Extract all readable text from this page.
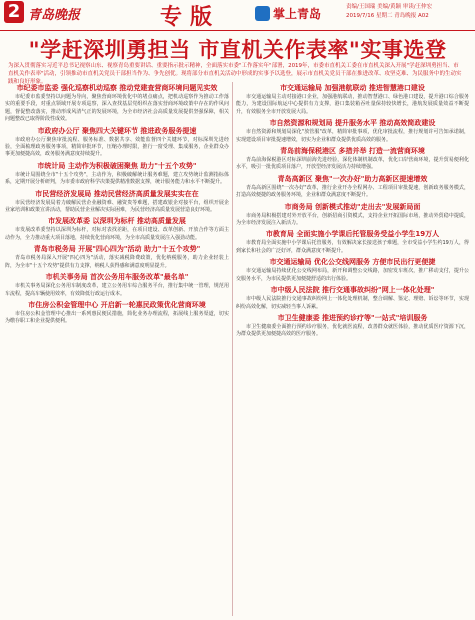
2 青岛晚报	专版	掌上青岛	责编/王国瑞 美编/黄颖 审读/王仲宏
2019/7/16 星期二 青岛晚报 A02
"学赶深圳勇担当 市直机关作表率"实事选登
为深入贯彻落实习近平总书记视察山东、视察青岛重要讲话、重要指示批示精神，全面落实市委"工作落实年"部署，2019年，市委市直机关工委在市直机关深入开展"学赶深圳勇担当、市直机关作表率"活动，引领推动市直机关党员干部担当作为、争先创优。现将部分市直机关活动中形成的实事予以选登，展示市直机关党员干部在推进改革、攻坚克难、为民服务中的生动实践和良好形象。
市纪委市监委 强化巡察机动巡察 推动党建查营商环境问题见实效

市纪委市监委坚持以问题为导向，聚焦营商环境优化中的堵点痛点，把机动巡察作为推动工作落实的重要手段，对重点领域开展专项巡察，深入查找基层党组织在落实营商环境政策中存在的作风问题，督促整改落实，推动形成风清气正的发展环境，为全市经济社会高质量发展提供坚强保障，相关问题整改已取得阶段性成效。

市政府办公厅 聚焦四大关键环节 推进政务服务提速

市政府办公厅聚焦审批流程、服务标准、数据共享、效能监督四个关键环节，对标深圳先进经验，全面梳理政务服务事项，精简审批环节，压缩办理时限，推行一窗受理、集成服务，企业群众办事更加便捷高效，政务服务满意度持续提升。

市统计局 主动作为积极破困聚焦 助力"十五个攻势"

市统计局围绕全市"十五个攻势"，主动作为，积极破解统计服务难题，建立攻势统计监测指标体系，定期开展分析研判，为市委市政府科学决策提供精准数据支撑，统计服务能力和水平不断提升。

市民营经济发展局 推动民营经济高质量发展实实在在

市民营经济发展局着力破解民营企业融资难、融资贵等难题，搭建政银企对接平台，组织开展企业家培训和政策宣讲活动，帮助民营企业解决实际困难，为民营经济高质量发展营造良好环境。

市发展改革委 以深圳为标杆 推动高质量发展

市发展改革委坚持以深圳为标杆，对标对表找差距，在项目建设、改革创新、开放合作等方面主动作为，全力推动重大项目落地，持续优化营商环境，为全市高质量发展注入强劲动能。

青岛市税务局 开展"四心四为"活动 助力"十五个攻势"

青岛市税务局深入开展"四心四为"活动，落实减税降费政策，优化纳税服务，助力企业轻装上阵，为全市"十五个攻势"提供有力支撑，纳税人获得感和满意度明显提升。

市机关事务局 首次公务用车服务改革"最名单"

市机关事务局深化公务用车制度改革，建立公务用车综合服务平台，推行集中统一管理，规范用车流程，提高车辆使用效率，有效降低行政运行成本。

市住房公积金管理中心 开启新一轮惠民政策优化营商环境

市住房公积金管理中心推出一系列惠民便民措施，简化业务办理流程，拓展线上服务渠道，切实为缴存职工和企业提供便利。

市交通运输局 加强港航联动 推进智慧港口建设

市交通运输局主动对接港口企业，加强港航联动，推动智慧港口、绿色港口建设，提升港口综合服务能力，为建设国际航运中心提供有力支撑，港口集装箱吞吐量保持较快增长，港航发展质量效益不断提升，有效服务全市开放发展大局。

市自然资源和规划局 提升服务水平 推动高效简政建设

市自然资源和规划局深化"放管服"改革，精简审批事项，优化审批流程，推行规划许可告知承诺制，实现建设项目审批提速增效，切实为企业和群众提供优质高效的服务。

青岛前海保税港区 多措并举 打造一流营商环境

青岛前海保税港区对标深圳前海先进经验，深化体制机制改革，优化口岸营商环境，提升贸易便利化水平，吸引一批优质项目落户，开放型经济发展活力持续增强。

青岛高新区 聚焦"一次办好"助力高新区提速增效

青岛高新区围绕"一次办好"改革，推行企业开办全程网办、工程项目审批提速，创新政务服务模式，打造高效便捷的政务服务环境，企业和群众满意度不断提升。

市商务局 创新模式推动"走出去"发展新局面

市商务局积极搭建对外开放平台，创新招商引资模式，支持企业开拓国际市场，推动外贸稳中提质，为全市经济发展注入新活力。

市教育局 全面实施小学课后托管服务受益小学生19万人

市教育局全面实施中小学课后托管服务，有效解决家长接送孩子难题，全市受益小学生约19万人，得到家长和社会的广泛好评，群众满意度不断提升。

市交通运输局 优化公交线网服务 方便市民出行更便捷

市交通运输局持续优化公交线网布局，新开和调整公交线路，加密发车班次，推广移动支付，提升公交服务水平，为市民提供更加便捷舒适的出行体验。

市中级人民法院 推行交通事故纠纷"网上一体化处理"

市中级人民法院推行交通事故纠纷网上一体化处理机制，整合调解、鉴定、理赔、诉讼等环节，实现纠纷高效化解，切实减轻当事人诉累。

市卫生健康委 推进预约诊疗等"一站式"培训服务

市卫生健康委全面推行预约诊疗服务，优化就医流程，改善群众就医体验，推动优质医疗资源下沉，为群众提供更加便捷高效的医疗服务。
